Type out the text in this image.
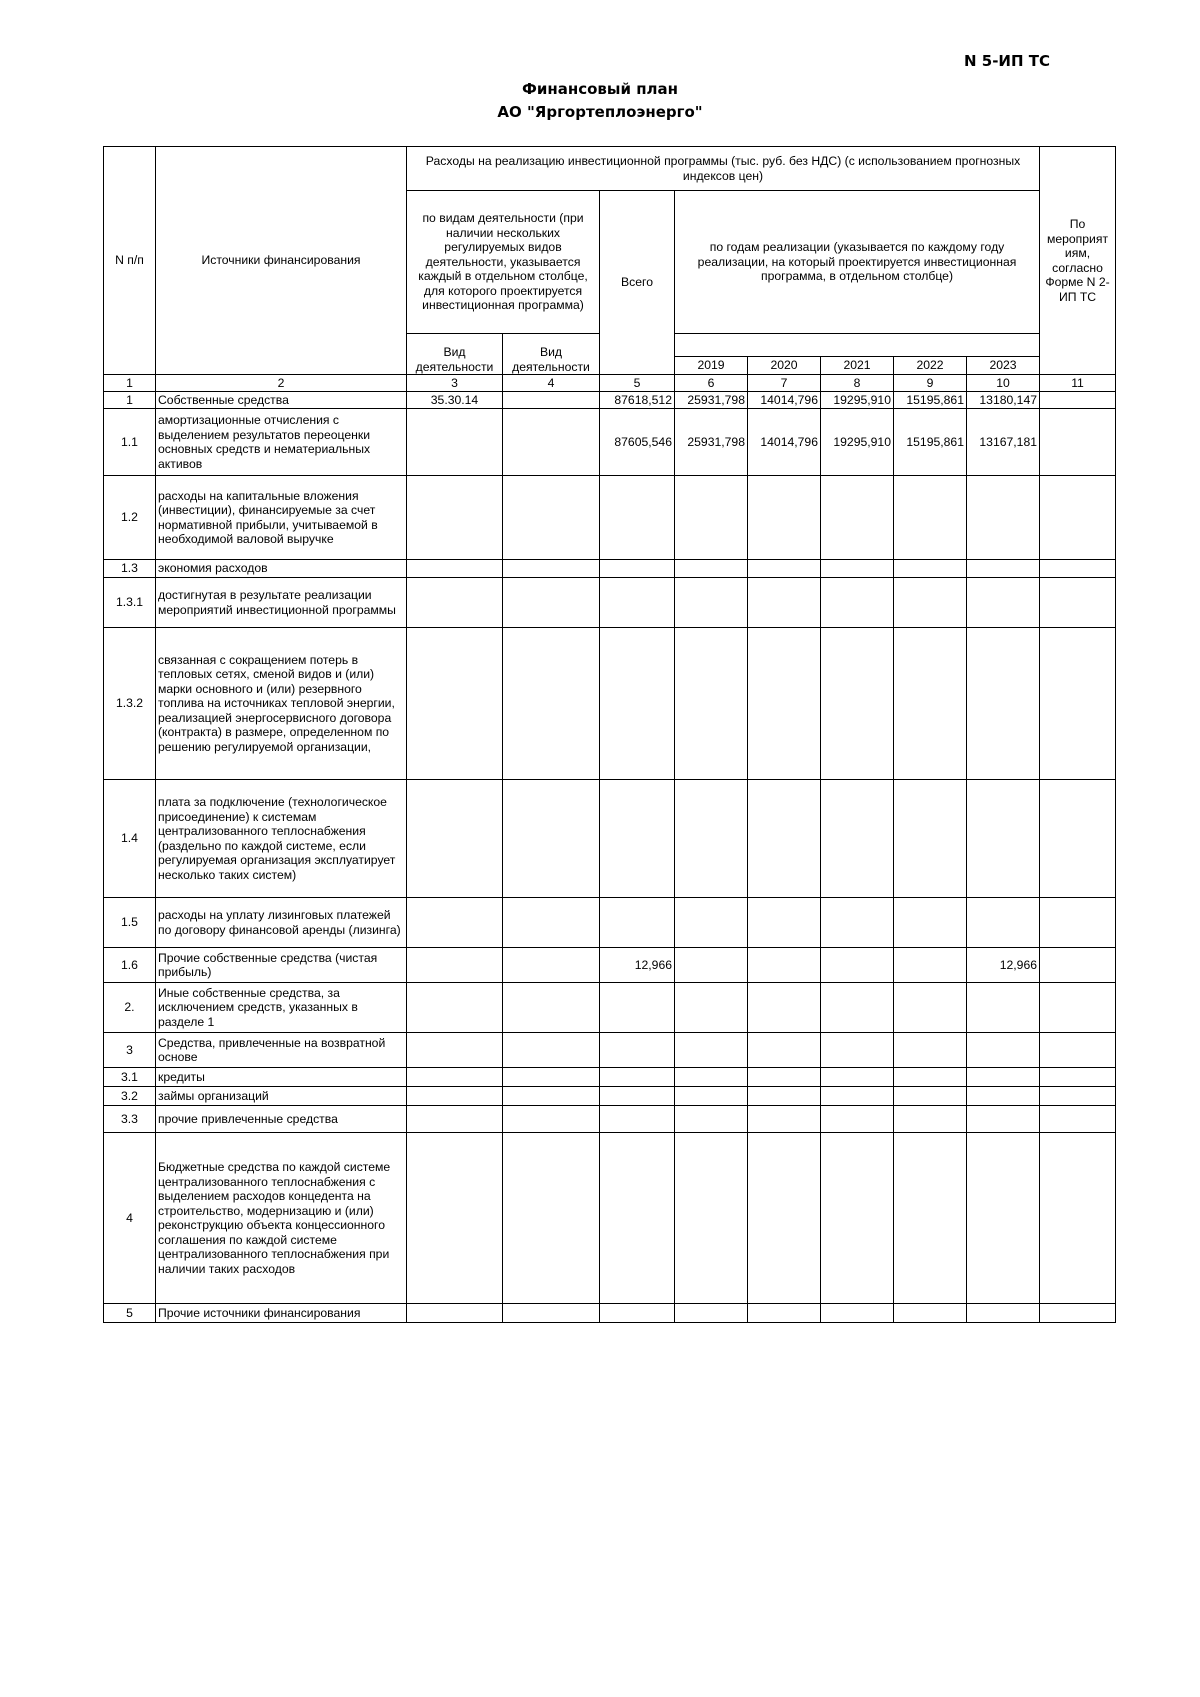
N 5-ИП ТС
Финансовый план
АО "Яргортеплоэнерго"
N п/п	Источники финансирования	Расходы на реализацию инвестиционной программы (тыс. руб. без НДС) (с использованием прогнозных индексов цен)								По мероприят иям, согласно Форме N 2-ИП ТС
		по видам деятельности (при наличии нескольких регулируемых видов деятельности, указывается каждый в отдельном столбце, для которого проектируется инвестиционная программа)		Всего	по годам реализации (указывается по каждому году реализации, на который проектируется инвестиционная программа, в отдельном столбце)					
		Вид деятельности	Вид деятельности							

					2019	2020	2021	2022	2023	

1	2	3	4	5	6	7	8	9	10	11
1	Собственные средства	35.30.14		87618,512	25931,798	14014,796	19295,910	15195,861	13180,147	
1.1	амортизационные отчисления с выделением результатов переоценки основных средств и нематериальных активов			87605,546	25931,798	14014,796	19295,910	15195,861	13167,181	
1.2	расходы на капитальные вложения (инвестиции), финансируемые за счет нормативной прибыли, учитываемой в необходимой валовой выручке									
1.3	экономия расходов									
1.3.1	достигнутая в результате реализации мероприятий инвестиционной программы									
1.3.2	связанная с сокращением потерь в тепловых сетях, сменой видов и (или) марки основного и (или) резервного топлива на источниках тепловой энергии, реализацией энергосервисного договора (контракта) в размере, определенном по решению регулируемой организации,									
1.4	плата за подключение (технологическое присоединение) к системам централизованного теплоснабжения (раздельно по каждой системе, если регулируемая организация эксплуатирует несколько таких систем)									
1.5	расходы на уплату лизинговых платежей по договору финансовой аренды (лизинга)									
1.6	Прочие собственные средства (чистая прибыль)			12,966					12,966	
2.	Иные собственные средства, за исключением средств, указанных в разделе 1									
3	Средства, привлеченные на возвратной основе									
3.1	кредиты									
3.2	займы организаций									
3.3	прочие привлеченные средства									
4	Бюджетные средства по каждой системе централизованного теплоснабжения с выделением расходов концедента на строительство, модернизацию и (или) реконструкцию объекта концессионного соглашения по каждой системе централизованного теплоснабжения при наличии таких расходов									
5	Прочие источники финансирования									
